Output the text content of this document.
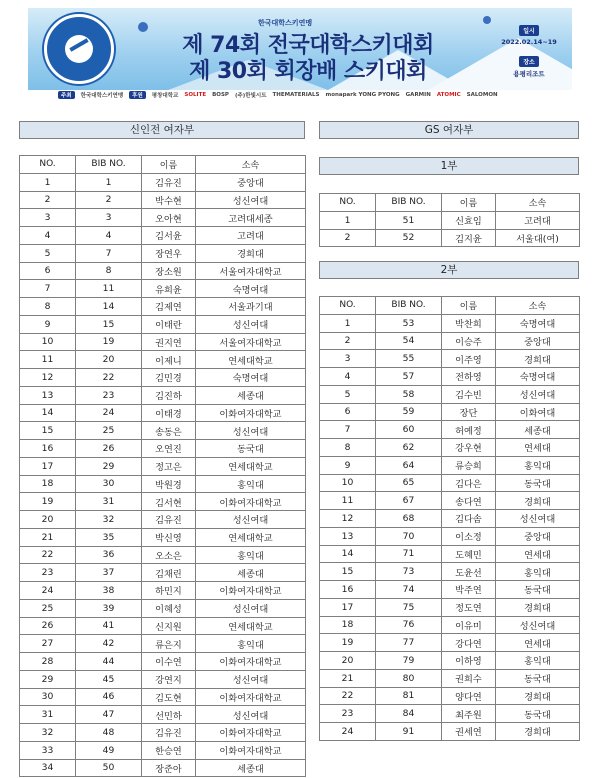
한국대학스키연맹
제 74회 전국대학스키대회
제 30회 회장배 스키대회
일시
2022.02.14~19
장소
용평리조트
주최	한국대학스키연맹	후원	평창대학교 SOLITE BOSP (주)한빛시트 THEMATERIALS monapark YONG PYONG GARMIN ATOMIC SALOMON
신인전 여자부	GS 여자부
1부
2부
NO.	BIB NO.	이름	소속
1	1	김유진	중앙대
2	2	박수현	성신여대
3	3	오아현	고려대세종
4	4	김서윤	고려대
5	7	장연우	경희대
6	8	장소원	서울여자대학교
7	11	유희윤	숙명여대
8	14	김제연	서울과기대
9	15	이태란	성신여대
10	19	권지연	서울여자대학교
11	20	이제니	연세대학교
12	22	김민경	숙명여대
13	23	김진하	세종대
14	24	이태경	이화여자대학교
15	25	송동은	성신여대
16	26	오연진	동국대
17	29	정고은	연세대학교
18	30	박원경	홍익대
19	31	김서현	이화여자대학교
20	32	김유진	성신여대
21	35	박신영	연세대학교
22	36	오소은	홍익대
23	37	김채린	세종대
24	38	하민지	이화여자대학교
25	39	이혜성	성신여대
26	41	신지원	연세대학교
27	42	류은지	홍익대
28	44	이수연	이화여자대학교
29	45	강연지	성신여대
30	46	김도현	이화여자대학교
31	47	선민하	성신여대
32	48	김유진	이화여자대학교
33	49	한승연	이화여자대학교
34	50	장준아	세종대
NO.	BIB NO.	이름	소속
1	51	신효임	고려대
2	52	김지윤	서울대(여)
NO.	BIB NO.	이름	소속
1	53	박찬희	숙명여대
2	54	이승주	중앙대
3	55	이주영	경희대
4	57	전하영	숙명여대
5	58	김수빈	성신여대
6	59	장단	이화여대
7	60	허예정	세종대
8	62	강우현	연세대
9	64	류승희	홍익대
10	65	김다은	동국대
11	67	송다연	경희대
12	68	김다솜	성신여대
13	70	이소정	중앙대
14	71	도혜민	연세대
15	73	도윤선	홍익대
16	74	박주연	동국대
17	75	정도연	경희대
18	76	이유미	성신여대
19	77	강다연	연세대
20	79	이하영	홍익대
21	80	권희수	동국대
22	81	양다연	경희대
23	84	최주원	동국대
24	91	권세연	경희대
